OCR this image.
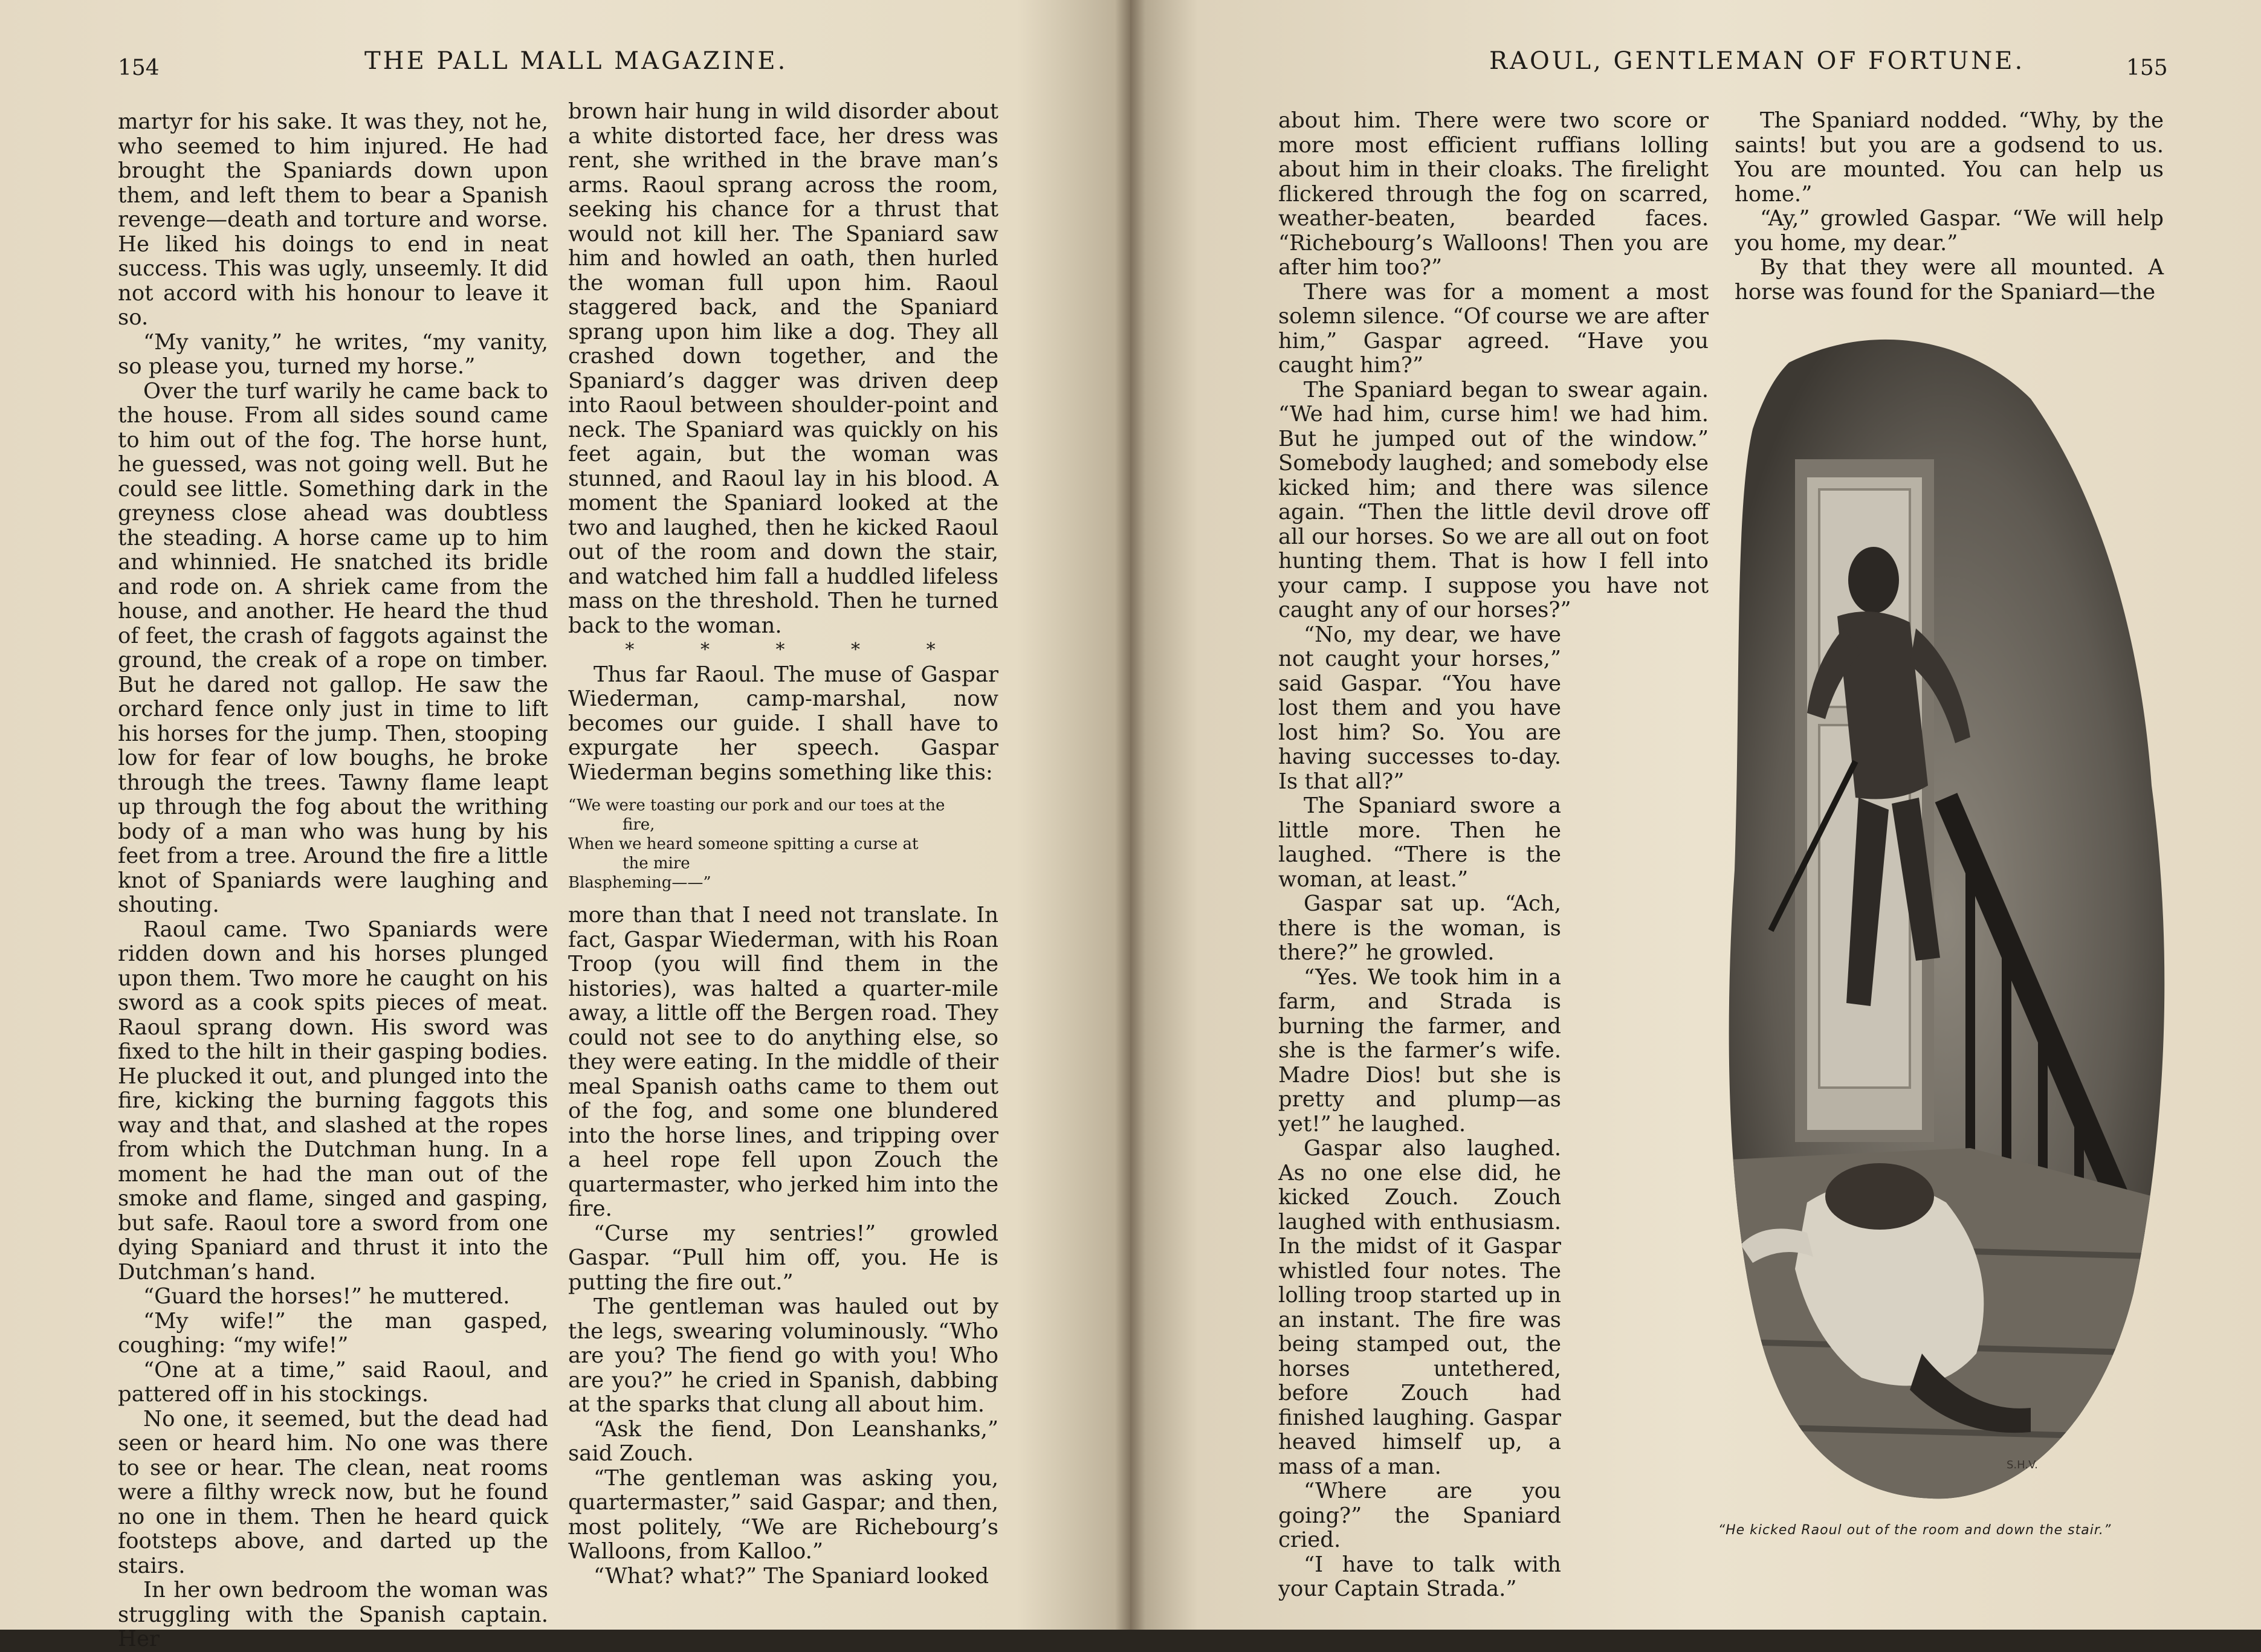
154	THE PALL MALL MAGAZINE.

martyr for his sake. It was they, not he, who seemed to him injured. He had brought the Spaniards down upon them, and left them to bear a Spanish revenge—death and torture and worse. He liked his doings to end in neat success. This was ugly, unseemly. It did not accord with his honour to leave it so.

“My vanity,” he writes, “my vanity, so please you, turned my horse.”

Over the turf warily he came back to the house. From all sides sound came to him out of the fog. The horse hunt, he guessed, was not going well. But he could see little. Something dark in the greyness close ahead was doubtless the steading. A horse came up to him and whinnied. He snatched its bridle and rode on. A shriek came from the house, and another. He heard the thud of feet, the crash of faggots against the ground, the creak of a rope on timber. But he dared not gallop. He saw the orchard fence only just in time to lift his horses for the jump. Then, stooping low for fear of low boughs, he broke through the trees. Tawny flame leapt up through the fog about the writhing body of a man who was hung by his feet from a tree. Around the fire a little knot of Spaniards were laughing and shouting.

Raoul came. Two Spaniards were ridden down and his horses plunged upon them. Two more he caught on his sword as a cook spits pieces of meat. Raoul sprang down. His sword was fixed to the hilt in their gasping bodies. He plucked it out, and plunged into the fire, kicking the burning faggots this way and that, and slashed at the ropes from which the Dutchman hung. In a moment he had the man out of the smoke and flame, singed and gasping, but safe. Raoul tore a sword from one dying Spaniard and thrust it into the Dutchman’s hand.

“Guard the horses!” he muttered.

“My wife!” the man gasped, coughing: “my wife!”

“One at a time,” said Raoul, and pattered off in his stockings.

No one, it seemed, but the dead had seen or heard him. No one was there to see or hear. The clean, neat rooms were a filthy wreck now, but he found no one in them. Then he heard quick footsteps above, and darted up the stairs.

In her own bedroom the woman was struggling with the Spanish captain. Her

brown hair hung in wild disorder about a white distorted face, her dress was rent, she writhed in the brave man’s arms. Raoul sprang across the room, seeking his chance for a thrust that would not kill her. The Spaniard saw him and howled an oath, then hurled the woman full upon him. Raoul staggered back, and the Spaniard sprang upon him like a dog. They all crashed down together, and the Spaniard’s dagger was driven deep into Raoul between shoulder-point and neck. The Spaniard was quickly on his feet again, but the woman was stunned, and Raoul lay in his blood. A moment the Spaniard looked at the two and laughed, then he kicked Raoul out of the room and down the stair, and watched him fall a huddled lifeless mass on the threshold. Then he turned back to the woman.

* * * * *

Thus far Raoul. The muse of Gaspar Wiederman, camp-marshal, now becomes our guide. I shall have to expurgate her speech. Gaspar Wiederman begins something like this:

“We were toasting our pork and our toes at the
fire,
When we heard someone spitting a curse at
the mire
Blaspheming——”

more than that I need not translate. In fact, Gaspar Wiederman, with his Roan Troop (you will find them in the histories), was halted a quarter-mile away, a little off the Bergen road. They could not see to do anything else, so they were eating. In the middle of their meal Spanish oaths came to them out of the fog, and some one blundered into the horse lines, and tripping over a heel rope fell upon Zouch the quartermaster, who jerked him into the fire.

“Curse my sentries!” growled Gaspar. “Pull him off, you. He is putting the fire out.”

The gentleman was hauled out by the legs, swearing voluminously. “Who are you? The fiend go with you! Who are you?” he cried in Spanish, dabbing at the sparks that clung all about him.

“Ask the fiend, Don Leanshanks,” said Zouch.

“The gentleman was asking you, quartermaster,” said Gaspar; and then, most politely, “We are Richebourg’s Walloons, from Kalloo.”

“What? what?” The Spaniard looked

RAOUL, GENTLEMAN OF FORTUNE.	155

about him. There were two score or more most efficient ruffians lolling about him in their cloaks. The firelight flickered through the fog on scarred, weather-beaten, bearded faces. “Richebourg’s Walloons! Then you are after him too?”

There was for a moment a most solemn silence. “Of course we are after him,” Gaspar agreed. “Have you caught him?”

The Spaniard began to swear again. “We had him, curse him! we had him. But he jumped out of the window.” Somebody laughed; and somebody else kicked him; and there was silence again. “Then the little devil drove off all our horses. So we are all out on foot hunting them. That is how I fell into your camp. I suppose you have not caught any of our horses?”

“No, my dear, we have not caught your horses,” said Gaspar. “You have lost them and you have lost him? So. You are having successes to-day. Is that all?”

The Spaniard swore a little more. Then he laughed. “There is the woman, at least.”

Gaspar sat up. “Ach, there is the woman, is there?” he growled.

“Yes. We took him in a farm, and Strada is burning the farmer, and she is the farmer’s wife. Madre Dios! but she is pretty and plump—as yet!” he laughed.

Gaspar also laughed. As no one else did, he kicked Zouch. Zouch laughed with enthusiasm. In the midst of it Gaspar whistled four notes. The lolling troop started up in an instant. The fire was being stamped out, the horses untethered, before Zouch had finished laughing. Gaspar heaved himself up, a mass of a man.

“Where are you going?” the Spaniard cried.

“I have to talk with your Captain Strada.”

The Spaniard nodded. “Why, by the saints! but you are a godsend to us. You are mounted. You can help us home.”

“Ay,” growled Gaspar. “We will help you home, my dear.”

By that they were all mounted. A horse was found for the Spaniard—the

S.H.V.
“He kicked Raoul out of the room and down the stair.”
